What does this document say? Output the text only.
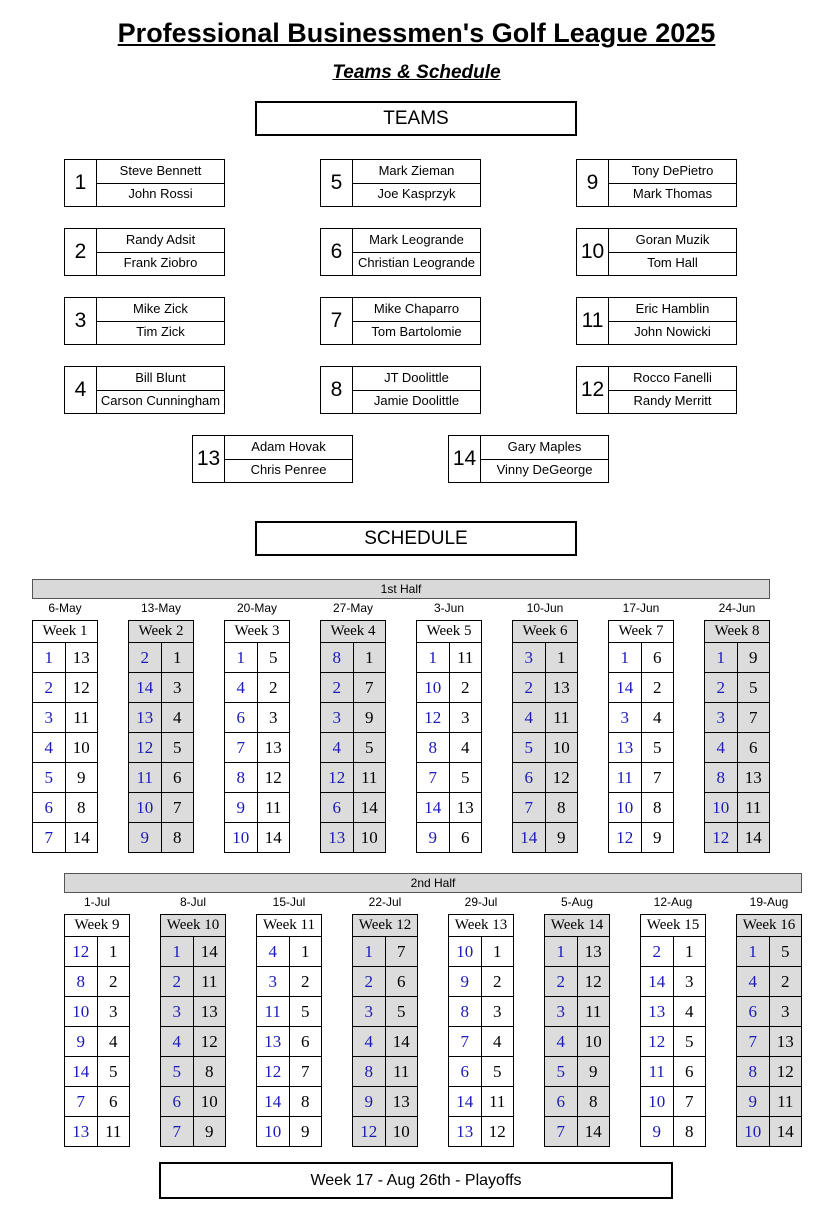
Professional Businessmen's Golf League 2025
Teams & Schedule
TEAMS
1
Steve Bennett
John Rossi
2
Randy Adsit
Frank Ziobro
3
Mike Zick
Tim Zick
4
Bill Blunt
Carson Cunningham
5
Mark Zieman
Joe Kasprzyk
6
Mark Leogrande
Christian Leogrande
7
Mike Chaparro
Tom Bartolomie
8
JT Doolittle
Jamie Doolittle
9
Tony DePietro
Mark Thomas
10
Goran Muzik
Tom Hall
11
Eric Hamblin
John Nowicki
12
Rocco Fanelli
Randy Merritt
13
Adam Hovak
Chris Penree	14
Gary Maples
Vinny DeGeorge
SCHEDULE
1st Half
6-May
Week 1
1	13
2	12
3	11
4	10
5	9
6	8
7	14
13-May
Week 2
2	1
14	3
13	4
12	5
11	6
10	7
9	8
20-May
Week 3
1	5
4	2
6	3
7	13
8	12
9	11
10 14
27-May
Week 4
8	1
2	7
3	9
4	5
12 11
6	14
13 10
3-Jun
Week 5
1	11
10	2
12	3
8	4
7	5
14 13
9	6
10-Jun
Week 6
3	1
2	13
4	11
5	10
6	12
7	8
14	9
17-Jun
Week 7
1	6
14	2
3	4
13	5
11	7
10	8
12	9
24-Jun
Week 8
1	9
2	5
3	7
4	6
8	13
10 11
12 14
2nd Half
1-Jul
Week 9
12	1
8	2
10	3
9	4
14	5
7	6
13 11
8-Jul
Week 10
1	14
2	11
3	13
4	12
5	8
6	10
7	9
15-Jul
Week 11
4	1
3	2
11	5
13	6
12	7
14	8
10	9
22-Jul
Week 12
1	7
2	6
3	5
4	14
8	11
9	13
12 10
29-Jul
Week 13
10	1
9	2
8	3
7	4
6	5
14 11
13 12
5-Aug
Week 14
1	13
2	12
3	11
4	10
5	9
6	8
7	14
12-Aug
Week 15
2	1
14	3
13	4
12	5
11	6
10	7
9	8
19-Aug
Week 16
1	5
4	2
6	3
7	13
8	12
9	11
10 14
Week 17 - Aug 26th - Playoffs
